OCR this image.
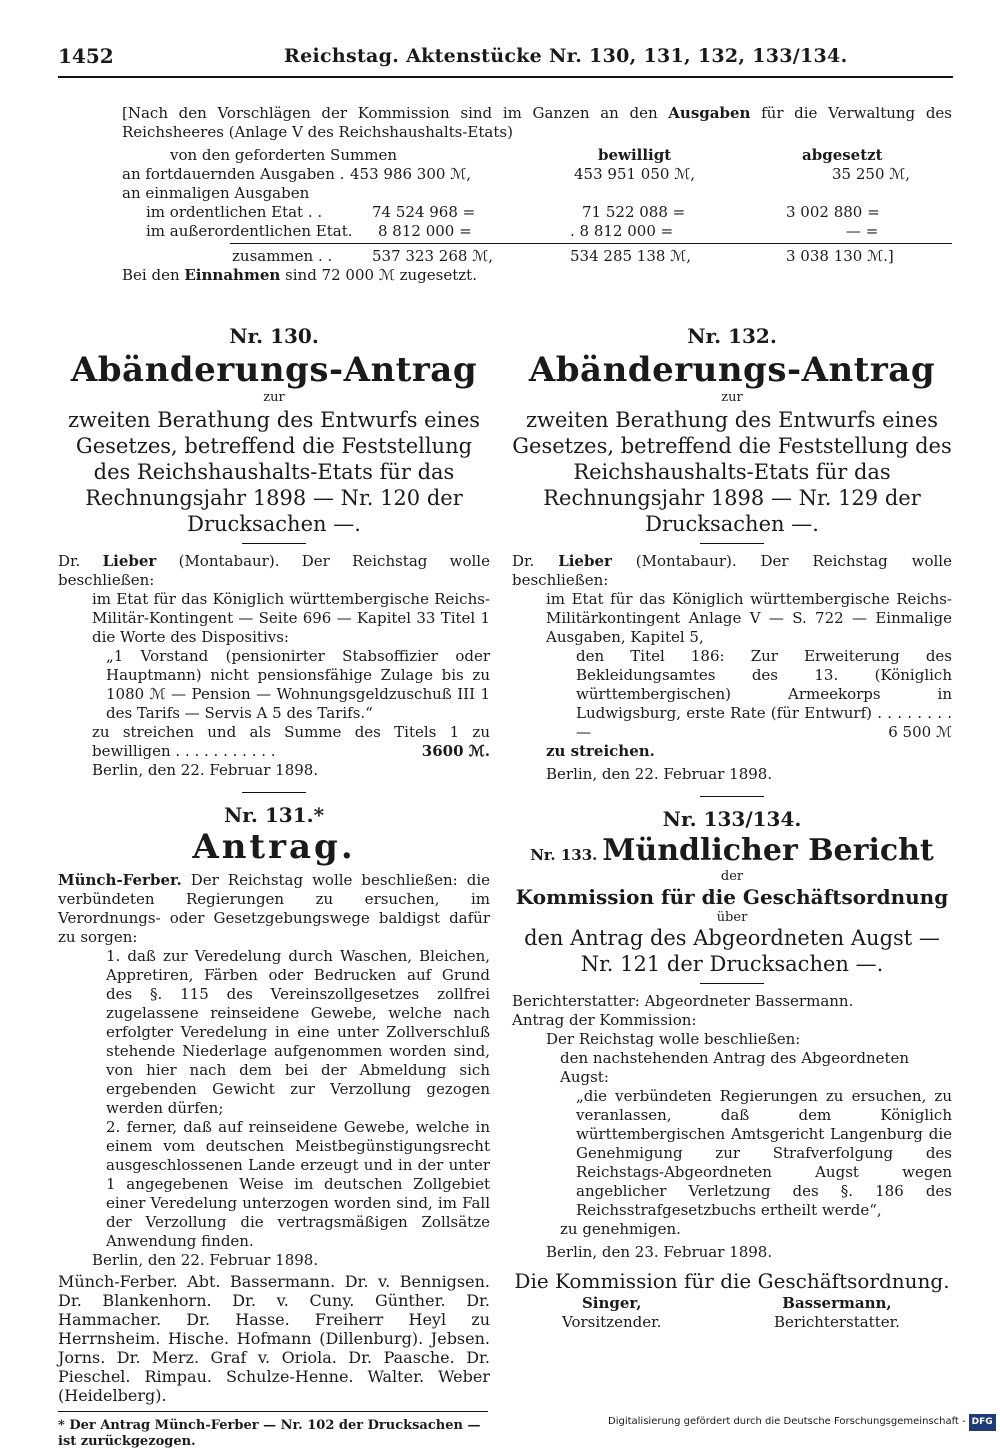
1452	Reichstag. Aktenstücke Nr. 130, 131, 132, 133/134.
[Nach den Vorschlägen der Kommission sind im Ganzen an den Ausgaben für die Verwaltung des Reichsheeres (Anlage V des Reichshaushalts-Etats)
von den geforderten Summen	bewilligt	abgesetzt
an fortdauernden Ausgaben . 453 986 300 ℳ,	453 951 050 ℳ,	35 250 ℳ,
an einmaligen Ausgaben
im ordentlichen Etat . .	74 524 968 =	71 522 088 =	3 002 880 =
im außerordentlichen Etat. 8 812 000 =	. 8 812 000 =	— =
zusammen . .	537 323 268 ℳ,	534 285 138 ℳ,	3 038 130 ℳ.]
Bei den Einnahmen sind 72 000 ℳ zugesetzt.
Nr. 130.
Abänderungs-Antrag
zur
zweiten Berathung des Entwurfs eines Gesetzes, betreffend die Feststellung des Reichshaushalts-Etats für das Rechnungsjahr 1898 — Nr. 120 der Drucksachen —.
Dr. Lieber (Montabaur). Der Reichstag wolle beschließen:
im Etat für das Königlich württembergische Reichs-Militär-Kontingent — Seite 696 — Kapitel 33 Titel 1 die Worte des Dispositivs:
„1 Vorstand (pensionirter Stabsoffizier oder Hauptmann) nicht pensionsfähige Zulage bis zu 1080 ℳ — Pension — Wohnungsgeldzuschuß III 1 des Tarifs — Servis A 5 des Tarifs.“
zu streichen und als Summe des Titels 1 zu bewilligen . . . . . . . . . . .	3600 ℳ.
Berlin, den 22. Februar 1898.
Nr. 131.*
Antrag.
Münch-Ferber. Der Reichstag wolle beschließen: die verbündeten Regierungen zu ersuchen, im Verordnungs- oder Gesetzgebungswege baldigst dafür zu sorgen:
1. daß zur Veredelung durch Waschen, Bleichen, Appretiren, Färben oder Bedrucken auf Grund des §. 115 des Vereinszollgesetzes zollfrei zugelassene reinseidene Gewebe, welche nach erfolgter Veredelung in eine unter Zollverschluß stehende Niederlage aufgenommen worden sind, von hier nach dem bei der Abmeldung sich ergebenden Gewicht zur Verzollung gezogen werden dürfen;
2. ferner, daß auf reinseidene Gewebe, welche in einem vom deutschen Meistbegünstigungsrecht ausgeschlossenen Lande erzeugt und in der unter 1 angegebenen Weise im deutschen Zollgebiet einer Veredelung unterzogen worden sind, im Fall der Verzollung die vertragsmäßigen Zollsätze Anwendung finden.
Berlin, den 22. Februar 1898.
Münch-Ferber. Abt. Bassermann. Dr. v. Bennigsen. Dr. Blankenhorn. Dr. v. Cuny. Günther. Dr. Hammacher. Dr. Hasse. Freiherr Heyl zu Herrnsheim. Hische. Hofmann (Dillenburg). Jebsen. Jorns. Dr. Merz. Graf v. Oriola. Dr. Paasche. Dr. Pieschel. Rimpau. Schulze-Henne. Walter. Weber (Heidelberg).
* Der Antrag Münch-Ferber — Nr. 102 der Drucksachen — ist zurückgezogen.
Nr. 132.
Abänderungs-Antrag
zur
zweiten Berathung des Entwurfs eines Gesetzes, betreffend die Feststellung des Reichshaushalts-Etats für das Rechnungsjahr 1898 — Nr. 129 der Drucksachen —.
Dr. Lieber (Montabaur). Der Reichstag wolle beschließen:
im Etat für das Königlich württembergische Reichs-Militärkontingent Anlage V — S. 722 — Einmalige Ausgaben, Kapitel 5,
den Titel 186: Zur Erweiterung des Bekleidungsamtes des 13. (Königlich württembergischen) Armeekorps in Ludwigsburg, erste Rate (für Entwurf) . . . . . . . . —	6 500 ℳ
zu streichen.
Berlin, den 22. Februar 1898.
Nr. 133/134.
Nr. 133. Mündlicher Bericht
der
Kommission für die Geschäftsordnung
über
den Antrag des Abgeordneten Augst — Nr. 121 der Drucksachen —.
Berichterstatter: Abgeordneter Bassermann.
Antrag der Kommission:
Der Reichstag wolle beschließen:
den nachstehenden Antrag des Abgeordneten Augst:
„die verbündeten Regierungen zu ersuchen, zu veranlassen, daß dem Königlich württembergischen Amtsgericht Langenburg die Genehmigung zur Strafverfolgung des Reichstags-Abgeordneten Augst wegen angeblicher Verletzung des §. 186 des Reichsstrafgesetzbuchs ertheilt werde“,
zu genehmigen.
Berlin, den 23. Februar 1898.
Die Kommission für die Geschäftsordnung.
Singer,
Vorsitzender.
Bassermann,
Berichterstatter.
Digitalisierung gefördert durch die Deutsche Forschungsgemeinschaft - DFG
